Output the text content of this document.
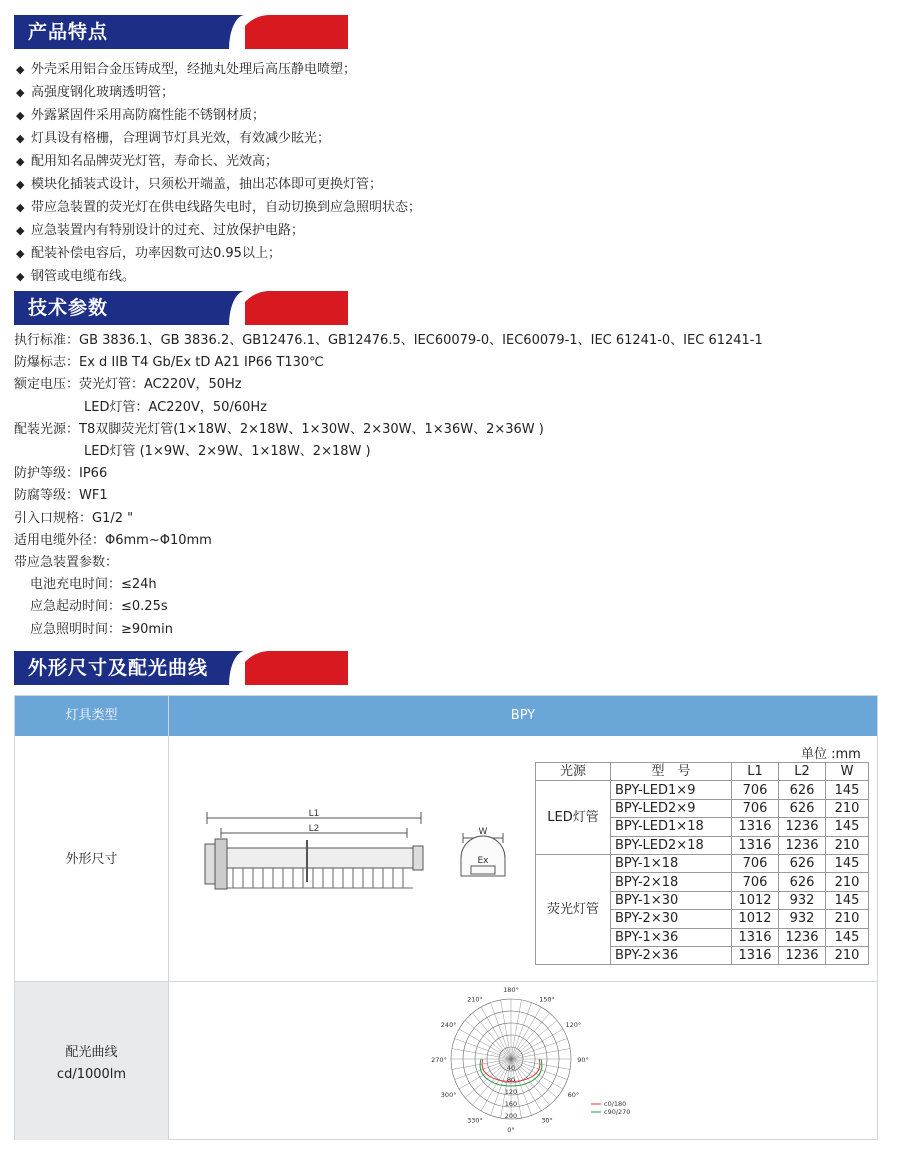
产品特点
◆ 外壳采用铝合金压铸成型，经抛丸处理后高压静电喷塑；
◆ 高强度钢化玻璃透明管；
◆ 外露紧固件采用高防腐性能不锈钢材质；
◆ 灯具设有格栅，合理调节灯具光效，有效减少眩光；
◆ 配用知名品牌荧光灯管，寿命长、光效高；
◆ 模块化插装式设计，只须松开端盖，抽出芯体即可更换灯管；
◆ 带应急装置的荧光灯在供电线路失电时，自动切换到应急照明状态；
◆ 应急装置内有特别设计的过充、过放保护电路；
◆ 配装补偿电容后，功率因数可达0.95以上；
◆ 钢管或电缆布线。
技术参数
执行标准：GB 3836.1、GB 3836.2、GB12476.1、GB12476.5、IEC60079-0、IEC60079-1、IEC 61241-0、IEC 61241-1
防爆标志：Ex d IIB T4 Gb/Ex tD A21 IP66 T130℃
额定电压：荧光灯管：AC220V，50Hz
LED灯管：AC220V，50/60Hz
配装光源：T8双脚荧光灯管(1×18W、2×18W、1×30W、2×30W、1×36W、2×36W )
LED灯管 (1×9W、2×9W、1×18W、2×18W )
防护等级：IP66
防腐等级：WF1
引入口规格：G1/2 "
适用电缆外径：Φ6mm~Φ10mm
带应急装置参数：
电池充电时间：≤24h
应急起动时间：≤0.25s
应急照明时间：≥90min
外形尺寸及配光曲线
灯具类型	BPY
外形尺寸
配光曲线
cd/1000lm
单位 :mm
光源	型　号	L1	L2	W
LED灯管	BPY-LED1×9	706	626	145
	BPY-LED2×9	706	626	210
	BPY-LED1×18	1316	1236	145
	BPY-LED2×18	1316	1236	210
荧光灯管	BPY-1×18	706	626	145
	BPY-2×18	706	626	210
	BPY-1×30	1012	932	145
	BPY-2×30	1012	932	210
	BPY-1×36	1316	1236	145
	BPY-2×36	1316	1236	210
L1
L2	W
Ex
180°
150°
120°
90°
60°
30°
0°
330°
300°
270°
240°
210°
40
80
120
160
200
c0/180
c90/270
